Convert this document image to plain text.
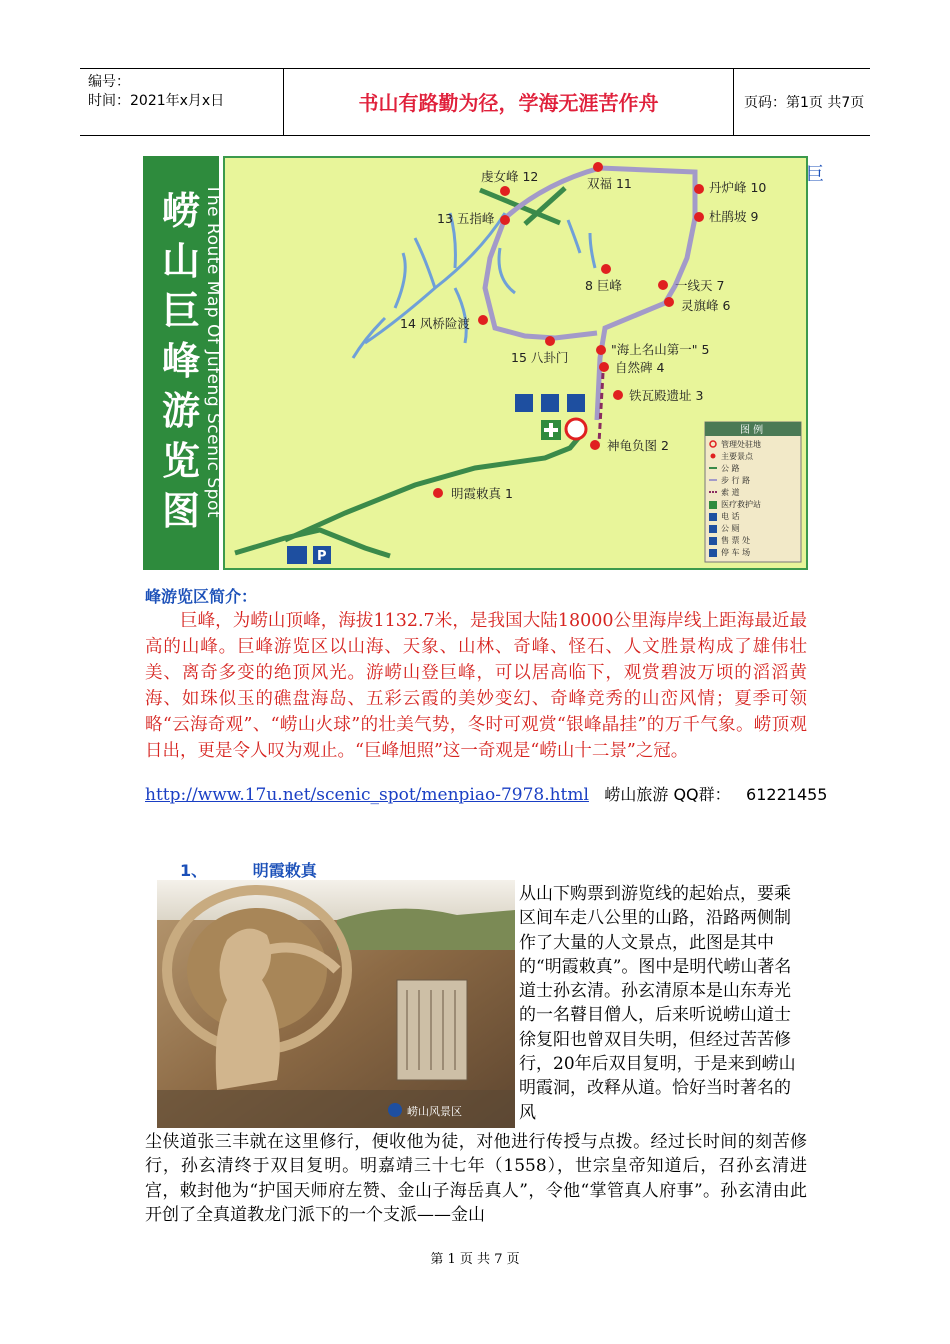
编号：
时间：2021年x月x日	书山有路勤为径，学海无涯苦作舟	页码：第1页 共7页
崂山巨峰游览图 The Route Map Of Jufeng Scenic Spot
虔女峰 12	双福 11	丹炉峰 10
13 五指峰	杜鹃坡 9
8 巨峰	一线天 7
灵旗峰 6
14 风桥险渡
15 八卦门
"海上名山第一" 5
自然碑 4
铁瓦殿遗址 3
神龟负图 2
明霞敕真 1
P
图 例
管理处驻地
主要景点
公 路
步 行 路
索 道
医疗救护站
电 话
公 厕
售 票 处
停 车 场
巨
峰游览区简介：

巨峰，为崂山顶峰，海拔1132.7米，是我国大陆18000公里海岸线上距海最近最高的山峰。巨峰游览区以山海、天象、山林、奇峰、怪石、人文胜景构成了雄伟壮美、离奇多变的绝顶风光。游崂山登巨峰，可以居高临下，观赏碧波万顷的滔滔黄海、如珠似玉的礁盘海岛、五彩云霞的美妙变幻、奇峰竞秀的山峦风情；夏季可领略“云海奇观”、“崂山火球”的壮美气势，冬时可观赏“银峰晶挂”的万千气象。崂顶观日出，更是令人叹为观止。“巨峰旭照”这一奇观是“崂山十二景”之冠。

http://www.17u.net/scenic_spot/menpiao-7978.html 崂山旅游 QQ群： 61221455
1、	明霞敕真
崂山风景区
从山下购票到游览线的起始点，要乘区间车走八公里的山路，沿路两侧制作了大量的人文景点，此图是其中的“明霞敕真”。图中是明代崂山著名道士孙玄清。孙玄清原本是山东寿光的一名瞽目僧人，后来听说崂山道士徐复阳也曾双目失明，但经过苦苦修行，20年后双目复明，于是来到崂山明霞洞，改释从道。恰好当时著名的风
尘侠道张三丰就在这里修行，便收他为徒，对他进行传授与点拨。经过长时间的刻苦修行，孙玄清终于双目复明。明嘉靖三十七年（1558），世宗皇帝知道后，召孙玄清进宫，敕封他为“护国天师府左赞、金山子海岳真人”，令他“掌管真人府事”。孙玄清由此开创了全真道教龙门派下的一个支派——金山
第 1 页 共 7 页
